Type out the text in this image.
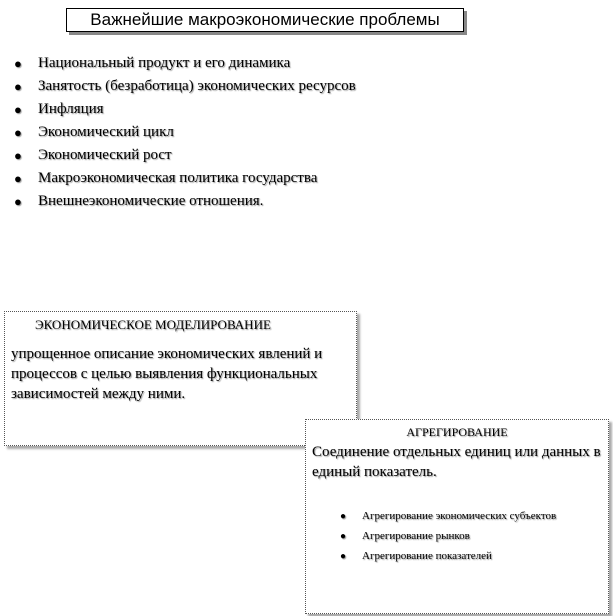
Важнейшие макроэкономические проблемы
● Национальный продукт и его динамика
● Занятость (безработица) экономических ресурсов
● Инфляция
● Экономический цикл
● Экономический рост
● Макроэкономическая политика государства
● Внешнеэкономические отношения.
ЭКОНОМИЧЕСКОЕ МОДЕЛИРОВАНИЕ
упрощенное описание экономических явлений и процессов с целью выявления функциональных зависимостей между ними.
АГРЕГИРОВАНИЕ
Соединение отдельных единиц или данных в единый показатель.
● Агрегирование экономических субъектов
● Агрегирование рынков
● Агрегирование показателей
